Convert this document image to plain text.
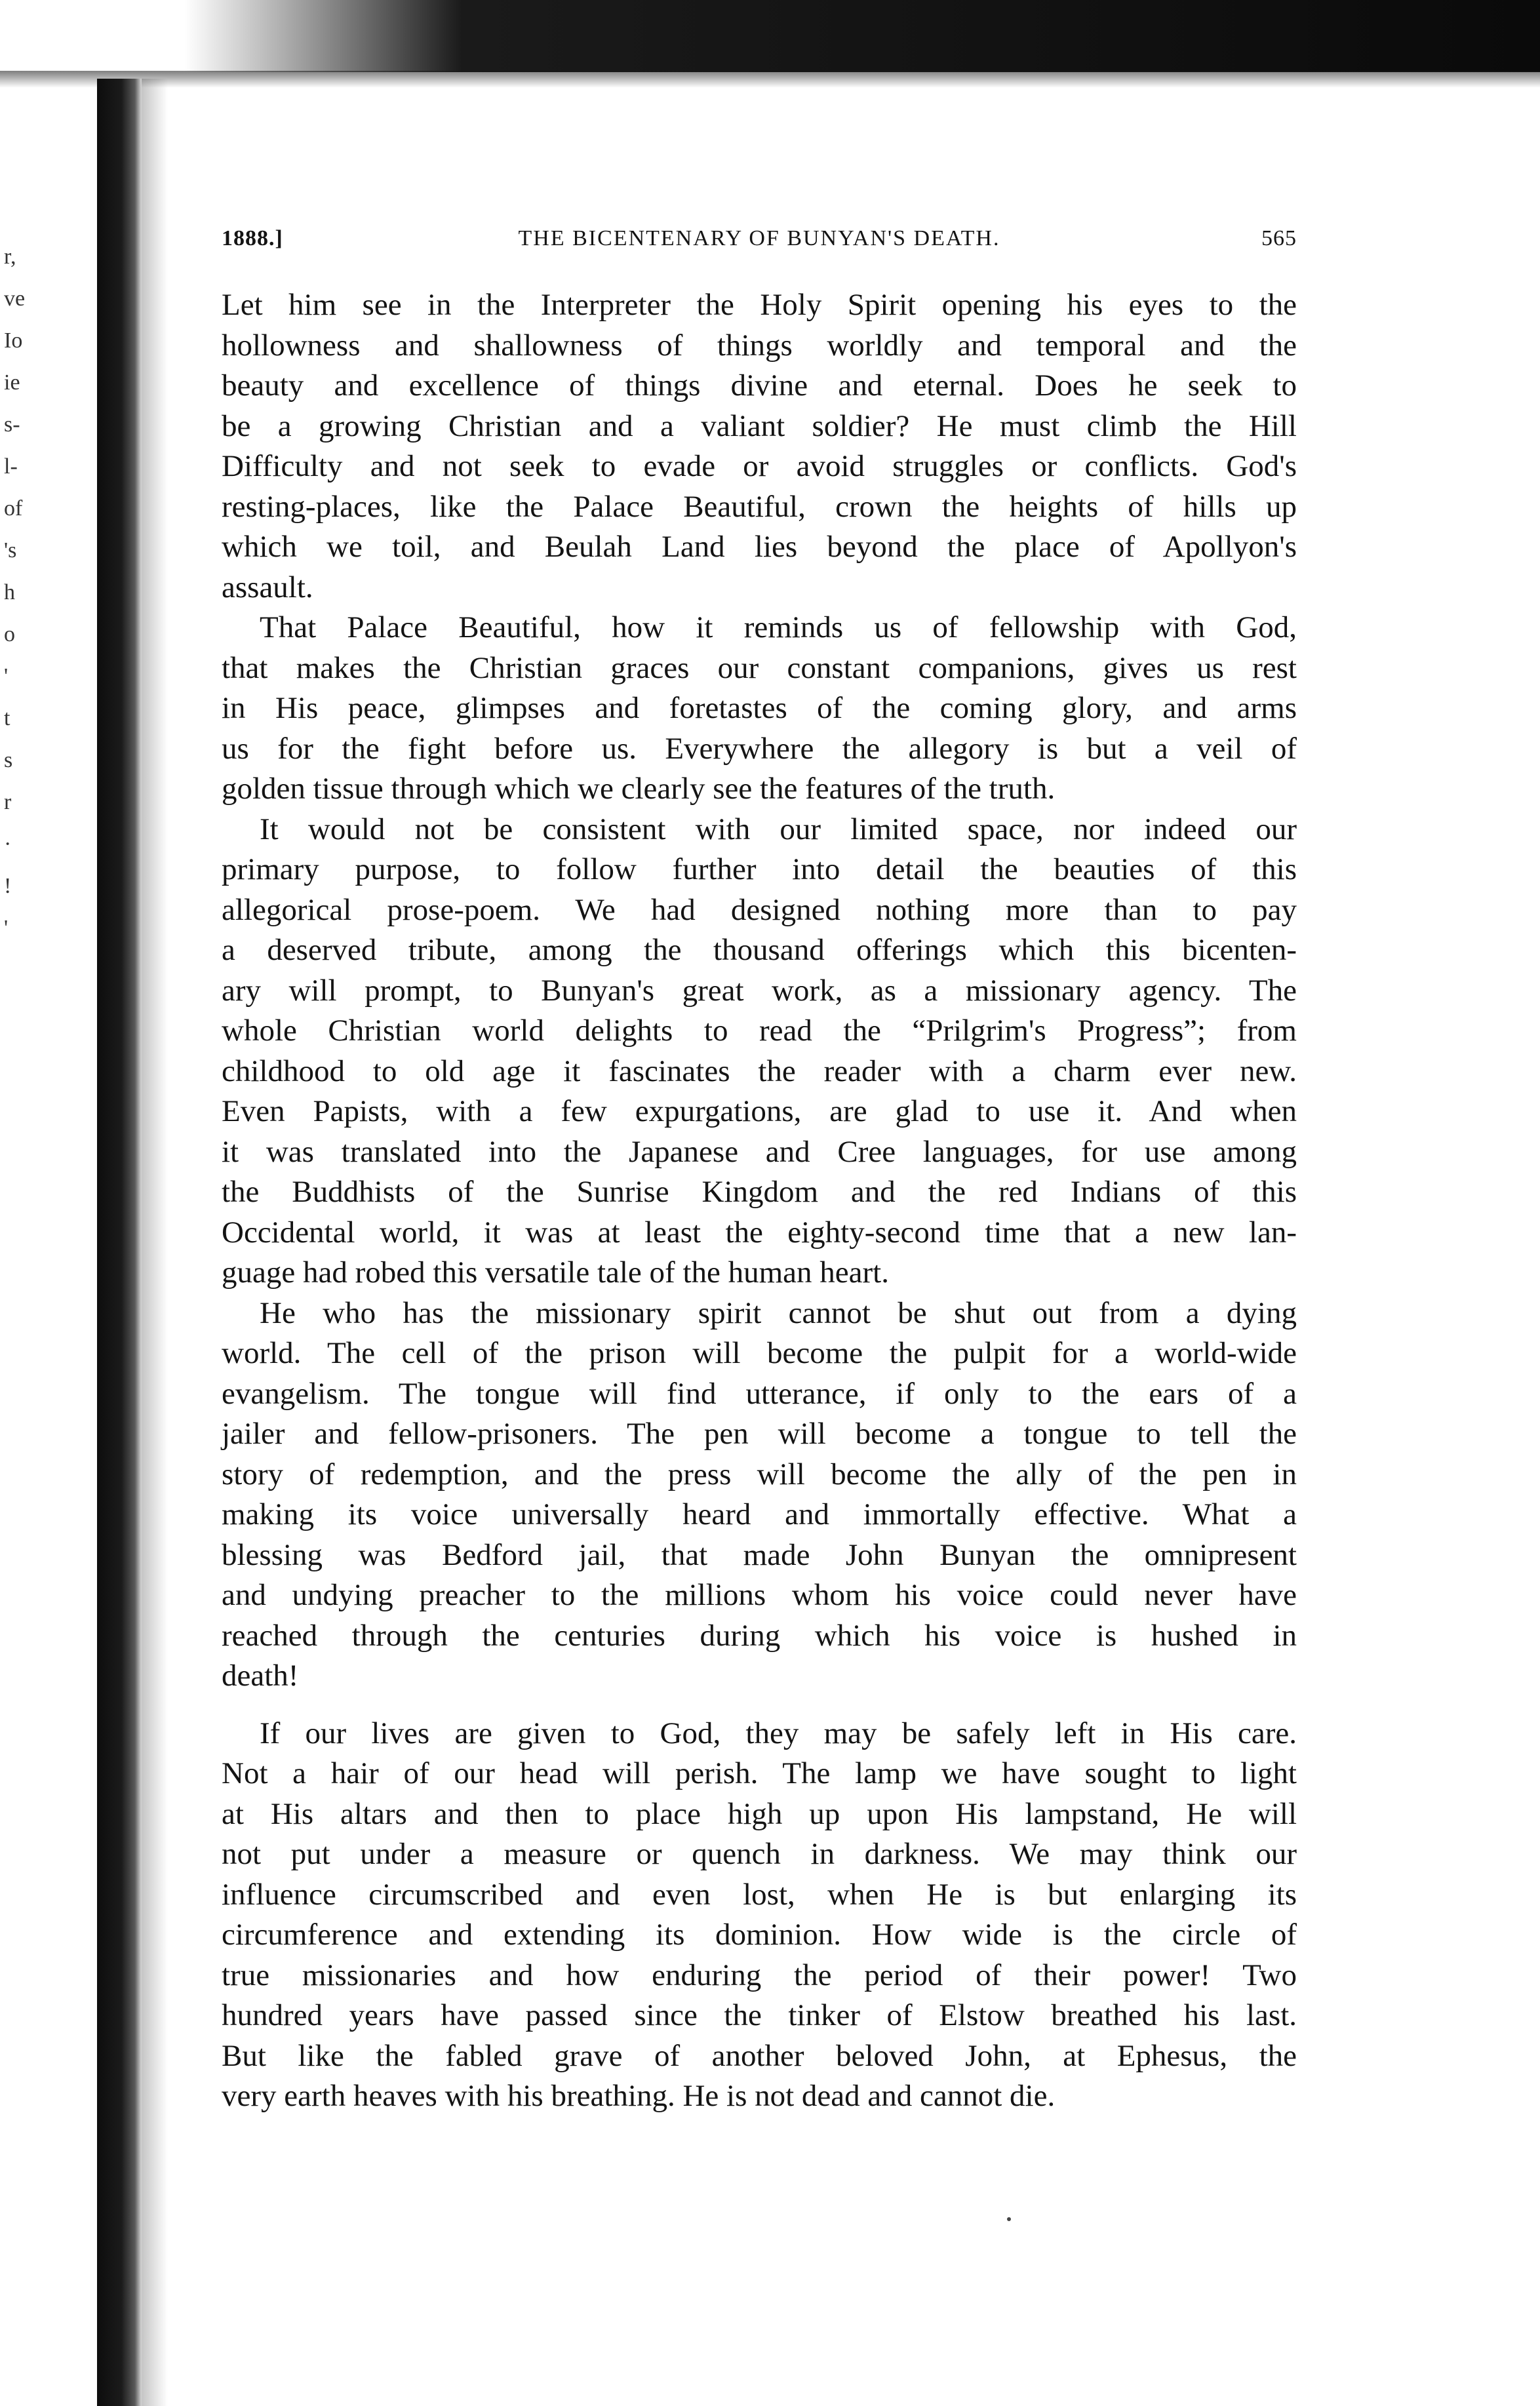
r,
ve
Io
ie
s-
l-
of
's
h
o
'
t
s
r
·
!
'
1888.]	THE BICENTENARY OF BUNYAN'S DEATH.	565
Let him see in the Interpreter the Holy Spirit opening his eyes to the
hollowness and shallowness of things worldly and temporal and the
beauty and excellence of things divine and eternal. Does he seek to
be a growing Christian and a valiant soldier? He must climb the Hill
Difficulty and not seek to evade or avoid struggles or conflicts. God's
resting-places, like the Palace Beautiful, crown the heights of hills up
which we toil, and Beulah Land lies beyond the place of Apollyon's
assault.
That Palace Beautiful, how it reminds us of fellowship with God,
that makes the Christian graces our constant companions, gives us rest
in His peace, glimpses and foretastes of the coming glory, and arms
us for the fight before us. Everywhere the allegory is but a veil of
golden tissue through which we clearly see the features of the truth.
It would not be consistent with our limited space, nor indeed our
primary purpose, to follow further into detail the beauties of this
allegorical prose-poem. We had designed nothing more than to pay
a deserved tribute, among the thousand offerings which this bicenten-
ary will prompt, to Bunyan's great work, as a missionary agency. The
whole Christian world delights to read the “Prilgrim's Progress”; from
childhood to old age it fascinates the reader with a charm ever new.
Even Papists, with a few expurgations, are glad to use it. And when
it was translated into the Japanese and Cree languages, for use among
the Buddhists of the Sunrise Kingdom and the red Indians of this
Occidental world, it was at least the eighty-second time that a new lan-
guage had robed this versatile tale of the human heart.
He who has the missionary spirit cannot be shut out from a dying
world. The cell of the prison will become the pulpit for a world-wide
evangelism. The tongue will find utterance, if only to the ears of a
jailer and fellow-prisoners. The pen will become a tongue to tell the
story of redemption, and the press will become the ally of the pen in
making its voice universally heard and immortally effective. What a
blessing was Bedford jail, that made John Bunyan the omnipresent
and undying preacher to the millions whom his voice could never have
reached through the centuries during which his voice is hushed in
death!
If our lives are given to God, they may be safely left in His care.
Not a hair of our head will perish. The lamp we have sought to light
at His altars and then to place high up upon His lampstand, He will
not put under a measure or quench in darkness. We may think our
influence circumscribed and even lost, when He is but enlarging its
circumference and extending its dominion. How wide is the circle of
true missionaries and how enduring the period of their power! Two
hundred years have passed since the tinker of Elstow breathed his last.
But like the fabled grave of another beloved John, at Ephesus, the
very earth heaves with his breathing. He is not dead and cannot die.
